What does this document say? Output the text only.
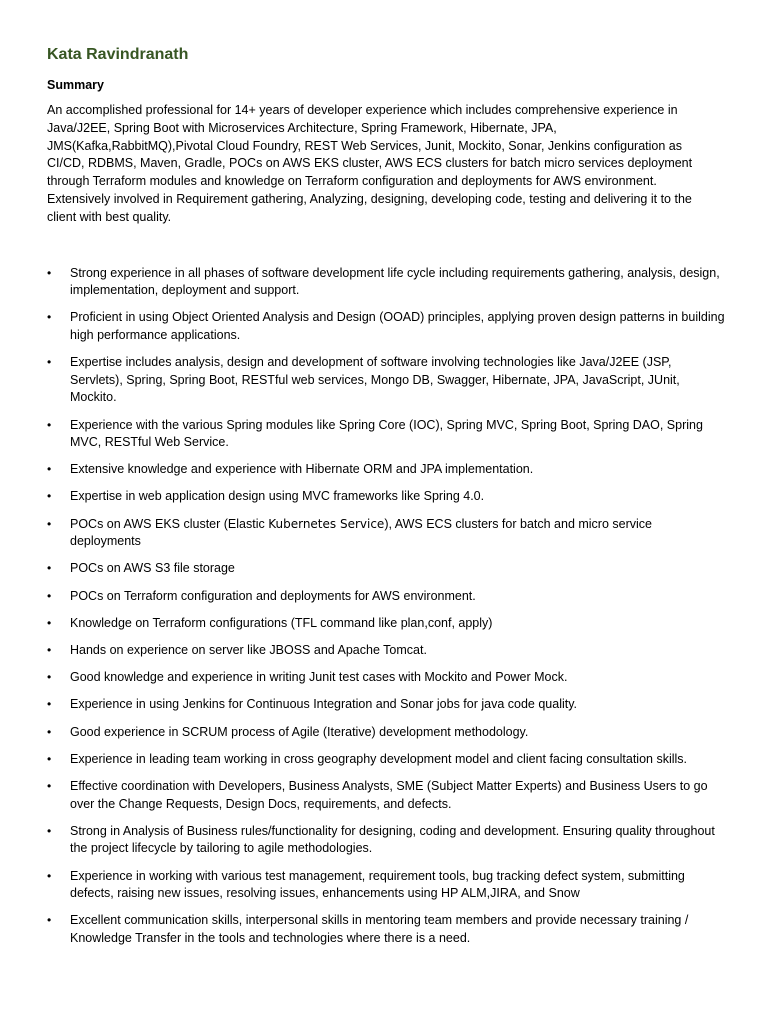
Kata Ravindranath
Summary

An accomplished professional for 14+ years of developer experience which includes comprehensive experience in Java/J2EE, Spring Boot with Microservices Architecture, Spring Framework, Hibernate, JPA, JMS(Kafka,RabbitMQ),Pivotal Cloud Foundry, REST Web Services, Junit, Mockito, Sonar, Jenkins configuration as CI/CD, RDBMS, Maven, Gradle, POCs on AWS EKS cluster, AWS ECS clusters for batch micro services deployment through Terraform modules and knowledge on Terraform configuration and deployments for AWS environment. Extensively involved in Requirement gathering, Analyzing, designing, developing code, testing and delivering it to the client with best quality.

• Strong experience in all phases of software development life cycle including requirements gathering, analysis, design, implementation, deployment and support.
• Proficient in using Object Oriented Analysis and Design (OOAD) principles, applying proven design patterns in building high performance applications.
• Expertise includes analysis, design and development of software involving technologies like Java/J2EE (JSP, Servlets), Spring, Spring Boot, RESTful web services, Mongo DB, Swagger, Hibernate, JPA, JavaScript, JUnit, Mockito.
• Experience with the various Spring modules like Spring Core (IOC), Spring MVC, Spring Boot, Spring DAO, Spring MVC, RESTful Web Service.
• Extensive knowledge and experience with Hibernate ORM and JPA implementation.
• Expertise in web application design using MVC frameworks like Spring 4.0.
• POCs on AWS EKS cluster (Elastic Kubernetes Service), AWS ECS clusters for batch and micro service deployments
• POCs on AWS S3 file storage
• POCs on Terraform configuration and deployments for AWS environment.
• Knowledge on Terraform configurations (TFL command like plan,conf, apply)
• Hands on experience on server like JBOSS and Apache Tomcat.
• Good knowledge and experience in writing Junit test cases with Mockito and Power Mock.
• Experience in using Jenkins for Continuous Integration and Sonar jobs for java code quality.
• Good experience in SCRUM process of Agile (Iterative) development methodology.
• Experience in leading team working in cross geography development model and client facing consultation skills.
• Effective coordination with Developers, Business Analysts, SME (Subject Matter Experts) and Business Users to go over the Change Requests, Design Docs, requirements, and defects.
• Strong in Analysis of Business rules/functionality for designing, coding and development. Ensuring quality throughout the project lifecycle by tailoring to agile methodologies.
• Experience in working with various test management, requirement tools, bug tracking defect system, submitting defects, raising new issues, resolving issues, enhancements using HP ALM,JIRA, and Snow
• Excellent communication skills, interpersonal skills in mentoring team members and provide necessary training / Knowledge Transfer in the tools and technologies where there is a need.
